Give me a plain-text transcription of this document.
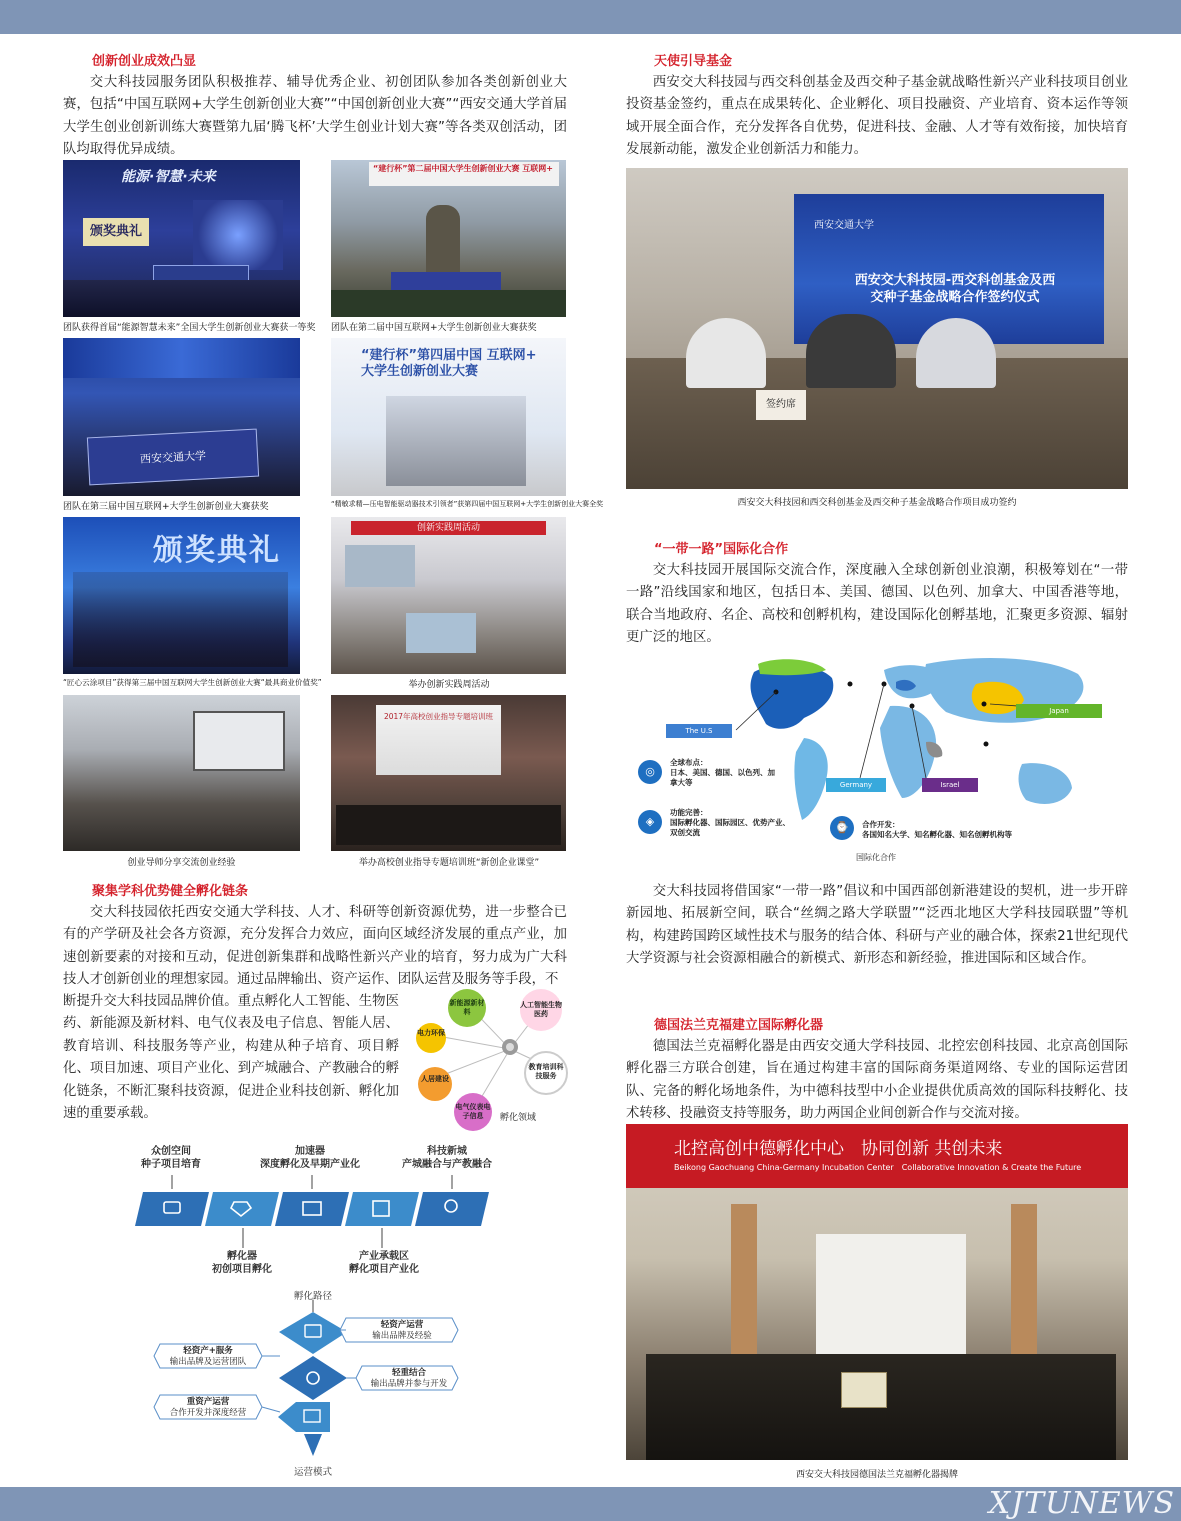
创新创业成效凸显
交大科技园服务团队积极推荐、辅导优秀企业、初创团队参加各类创新创业大赛，包括“中国互联网+大学生创新创业大赛”“中国创新创业大赛”“西安交通大学首届大学生创业创新训练大赛暨第九届‘腾飞杯’大学生创业计划大赛”等各类双创活动，团队均取得优异成绩。
能源·智慧·未来
颁奖典礼
团队获得首届“能源智慧未来”全国大学生创新创业大赛获一等奖
“建行杯”第二届中国大学生创新创业大赛 互联网+
团队在第二届中国互联网+大学生创新创业大赛获奖
西安交通大学
团队在第三届中国互联网+大学生创新创业大赛获奖
“建行杯”第四届中国 互联网+ 大学生创新创业大赛
“精敏求精—压电智能驱动器技术引领者”获第四届中国互联网+大学生创新创业大赛全奖
颁奖典礼
“匠心云涂项目”获得第三届中国互联网大学生创新创业大赛“最具商业价值奖”
创新实践周活动
举办创新实践周活动
创业导师分享交流创业经验
2017年高校创业指导专题培训班
举办高校创业指导专题培训班“新创企业课堂”
聚集学科优势健全孵化链条
交大科技园依托西安交通大学科技、人才、科研等创新资源优势，进一步整合已有的产学研及社会各方资源，充分发挥合力效应，面向区域经济发展的重点产业，加速创新要素的对接和互动，促进创新集群和战略性新兴产业的培育，努力成为广大科技人才创新创业的理想家园。通过品牌输出、资产运作、团队运营及服务等手段，不
断提升交大科技园品牌价值。重点孵化人工智能、生物医药、新能源及新材料、电气仪表及电子信息、智能人居、教育培训、科技服务等产业，构建从种子培育、项目孵化、项目加速、项目产业化、到产城融合、产教融合的孵化链条，不断汇聚科技资源，促进企业科技创新、孵化加速的重要承载。
新能源新材料
人工智能生物医药
电力环保
教育培训科技服务
人居建设
电气仪表电子信息	孵化领域
众创空间
种子项目培育
加速器
深度孵化及早期产业化
科技新城
产城融合与产教融合
孵化器
初创项目孵化
产业承载区
孵化项目产业化
孵化路径
轻资产+服务
输出品牌及运营团队
重资产运营
合作开发并深度经营
轻资产运营
输出品牌及经验
轻重结合
输出品牌并参与开发
运营模式
天使引导基金
西安交大科技园与西交科创基金及西交种子基金就战略性新兴产业科技项目创业投资基金签约，重点在成果转化、企业孵化、项目投融资、产业培育、资本运作等领域开展全面合作，充分发挥各自优势，促进科技、金融、人才等有效衔接，加快培育发展新动能，激发企业创新活力和能力。
西安交通大学
西安交大科技园-西交科创基金及西
交种子基金战略合作签约仪式
签约席
西安交大科技园和西交科创基金及西交种子基金战略合作项目成功签约
“一带一路”国际化合作
交大科技园开展国际交流合作，深度融入全球创新创业浪潮，积极筹划在“一带一路”沿线国家和地区，包括日本、美国、德国、以色列、加拿大、中国香港等地，联合当地政府、名企、高校和创孵机构，建设国际化创孵基地，汇聚更多资源、辐射更广泛的地区。
The U.S
Japan
Germany	Israel
◎
全球布点：
日本、美国、德国、以色列、加拿大等
◈
功能完善：
国际孵化器、国际园区、优势产业、双创交流	⌚	合作开发：
各国知名大学、知名孵化器、知名创孵机构等
国际化合作
交大科技园将借国家“一带一路”倡议和中国西部创新港建设的契机，进一步开辟新园地、拓展新空间，联合“丝绸之路大学联盟”“泛西北地区大学科技园联盟”等机构，构建跨国跨区域性技术与服务的结合体、科研与产业的融合体，探索21世纪现代大学资源与社会资源相融合的新模式、新形态和新经验，推进国际和区域合作。
德国法兰克福建立国际孵化器
德国法兰克福孵化器是由西安交通大学科技园、北控宏创科技园、北京高创国际孵化器三方联合创建，旨在通过构建丰富的国际商务渠道网络、专业的国际运营团队、完备的孵化场地条件，为中德科技型中小企业提供优质高效的国际科技孵化、技术转移、投融资支持等服务，助力两国企业间创新合作与交流对接。
北控高创中德孵化中心　协同创新 共创未来
Beikong Gaochuang China-Germany Incubation Center　Collaborative Innovation & Create the Future
西安交大科技园德国法兰克福孵化器揭牌
XJTUNEWS
